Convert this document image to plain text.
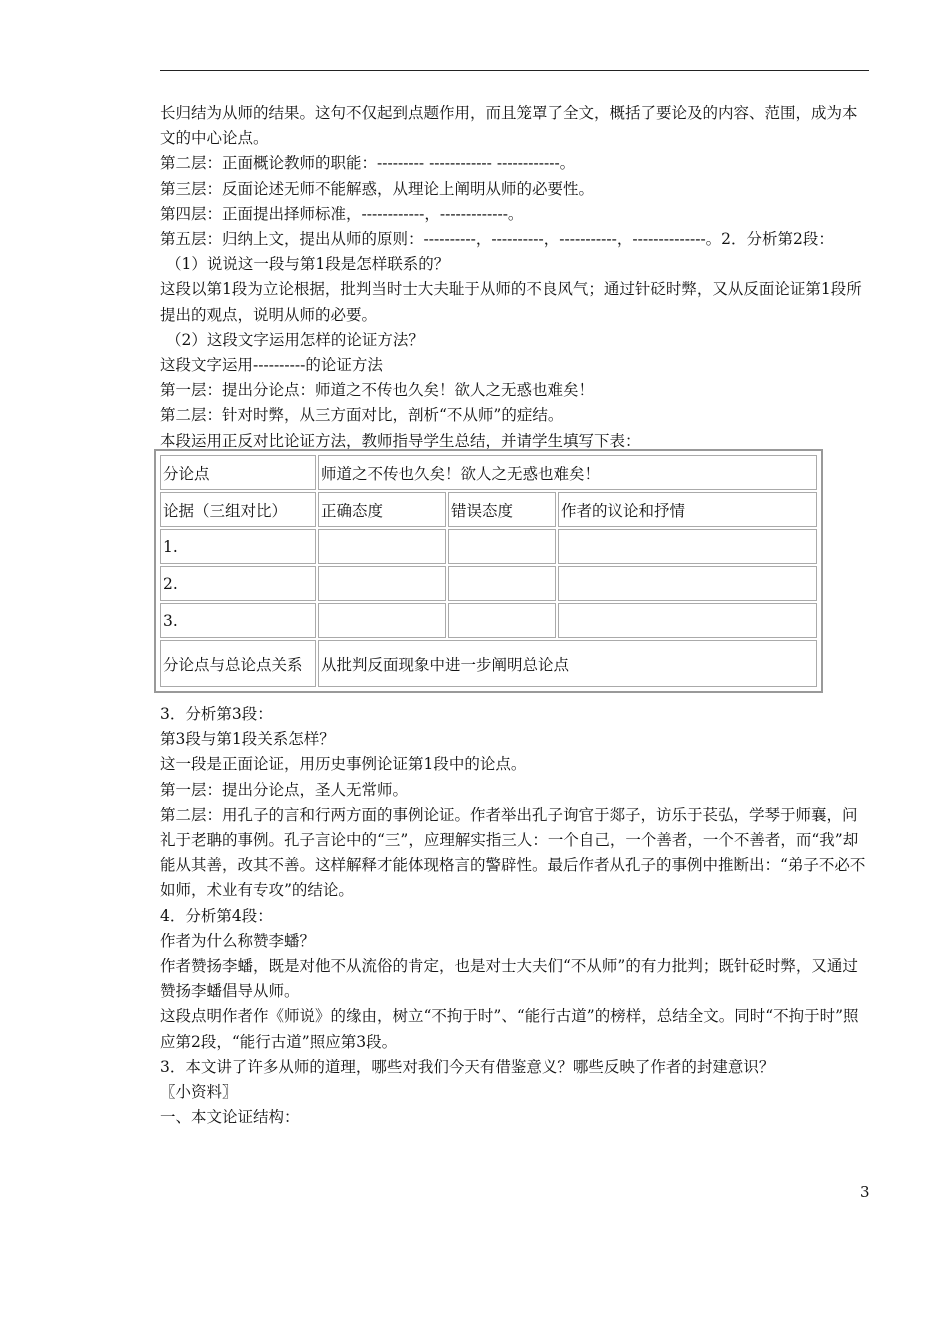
长归结为从师的结果。这句不仅起到点题作用，而且笼罩了全文，概括了要论及的内容、范围，成为本文的中心论点。

第二层：正面概论教师的职能：--------- ------------ ------------。

第三层：反面论述无师不能解惑，从理论上阐明从师的必要性。

第四层：正面提出择师标准，------------，-------------。

第五层：归纳上文，提出从师的原则：----------，----------，-----------，--------------。2．分析第2段：

（1）说说这一段与第1段是怎样联系的？

这段以第1段为立论根据，批判当时士大夫耻于从师的不良风气；通过针砭时弊，又从反面论证第1段所提出的观点，说明从师的必要。

（2）这段文字运用怎样的论证方法？

这段文字运用----------的论证方法

第一层：提出分论点：师道之不传也久矣！欲人之无惑也难矣！

第二层：针对时弊，从三方面对比，剖析“不从师”的症结。

本段运用正反对比论证方法，教师指导学生总结，并请学生填写下表：

分论点	师道之不传也久矣！欲人之无惑也难矣！		
论据（三组对比）	正确态度	错误态度	作者的议论和抒情
1.			
2.			
3.			
分论点与总论点关系	从批判反面现象中进一步阐明总论点		

3．分析第3段：

第3段与第1段关系怎样？

这一段是正面论证，用历史事例论证第1段中的论点。

第一层：提出分论点，圣人无常师。

第二层：用孔子的言和行两方面的事例论证。作者举出孔子询官于郯子，访乐于苌弘，学琴于师襄，问礼于老聃的事例。孔子言论中的“三”，应理解实指三人：一个自己，一个善者，一个不善者，而“我”却能从其善，改其不善。这样解释才能体现格言的警辟性。最后作者从孔子的事例中推断出：“弟子不必不如师，术业有专攻”的结论。

4．分析第4段：

作者为什么称赞李蟠？

作者赞扬李蟠，既是对他不从流俗的肯定，也是对士大夫们“不从师”的有力批判；既针砭时弊，又通过赞扬李蟠倡导从师。

这段点明作者作《师说》的缘由，树立“不拘于时”、“能行古道”的榜样，总结全文。同时“不拘于时”照应第2段，“能行古道”照应第3段。

3．本文讲了许多从师的道理，哪些对我们今天有借鉴意义？哪些反映了作者的封建意识？

〖小资料〗

一、本文论证结构：

3
